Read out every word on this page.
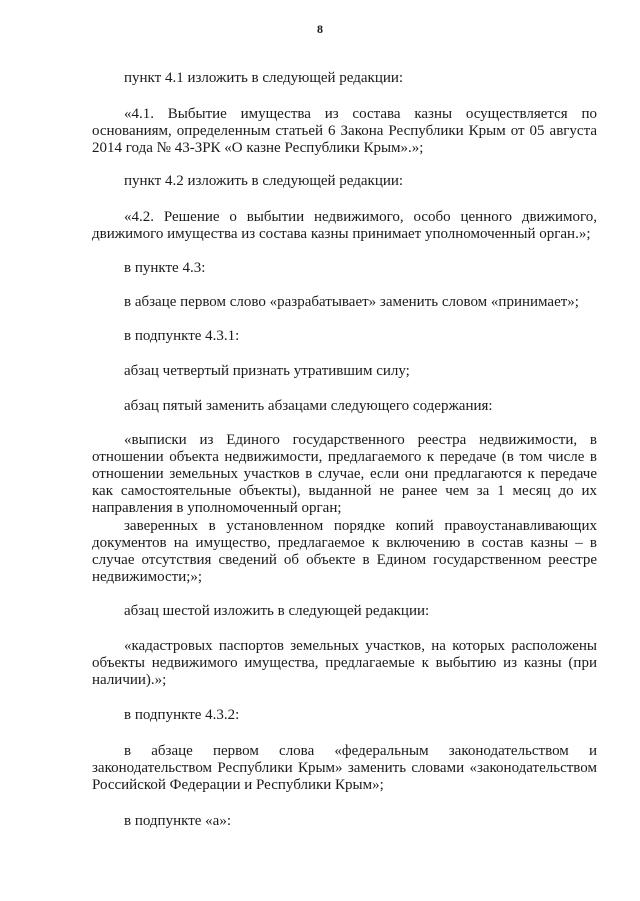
8

пункт 4.1 изложить в следующей редакции:

«4.1. Выбытие имущества из состава казны осуществляется по основаниям, определенным статьей 6 Закона Республики Крым от 05 августа 2014 года № 43-ЗРК «О казне Республики Крым».»;

пункт 4.2 изложить в следующей редакции:

«4.2. Решение о выбытии недвижимого, особо ценного движимого, движимого имущества из состава казны принимает уполномоченный орган.»;

в пункте 4.3:

в абзаце первом слово «разрабатывает» заменить словом «принимает»;

в подпункте 4.3.1:

абзац четвертый признать утратившим силу;

абзац пятый заменить абзацами следующего содержания:

«выписки из Единого государственного реестра недвижимости, в отношении объекта недвижимости, предлагаемого к передаче (в том числе в отношении земельных участков в случае, если они предлагаются к передаче как самостоятельные объекты), выданной не ранее чем за 1 месяц до их направления в уполномоченный орган;

заверенных в установленном порядке копий правоустанавливающих документов на имущество, предлагаемое к включению в состав казны – в случае отсутствия сведений об объекте в Едином государственном реестре недвижимости;»;

абзац шестой изложить в следующей редакции:

«кадастровых паспортов земельных участков, на которых расположены объекты недвижимого имущества, предлагаемые к выбытию из казны (при наличии).»;

в подпункте 4.3.2:

в абзаце первом слова «федеральным законодательством и законодательством Республики Крым» заменить словами «законодательством Российской Федерации и Республики Крым»;

в подпункте «а»:
